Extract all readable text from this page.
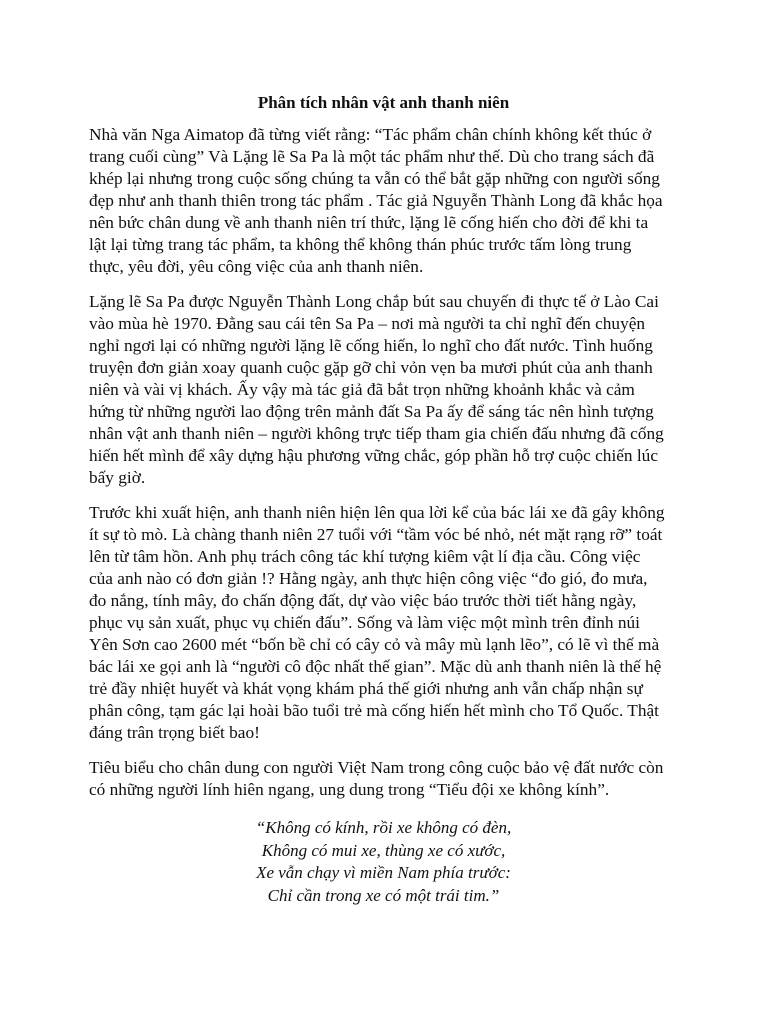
Phân tích nhân vật anh thanh niên
Nhà văn Nga Aimatop đã từng viết rằng: “Tác phẩm chân chính không kết thúc ở
trang cuối cùng” Và Lặng lẽ Sa Pa là một tác phẩm như thế. Dù cho trang sách đã
khép lại nhưng trong cuộc sống chúng ta vẫn có thể bắt gặp những con người sống
đẹp như anh thanh thiên trong tác phẩm . Tác giả Nguyễn Thành Long đã khắc họa
nên bức chân dung về anh thanh niên trí thức, lặng lẽ cống hiến cho đời để khi ta
lật lại từng trang tác phẩm, ta không thể không thán phúc trước tấm lòng trung
thực, yêu đời, yêu công việc của anh thanh niên.
Lặng lẽ Sa Pa được Nguyễn Thành Long chắp bút sau chuyến đi thực tế ở Lào Cai
vào mùa hè 1970. Đằng sau cái tên Sa Pa – nơi mà người ta chỉ nghĩ đến chuyện
nghỉ ngơi lại có những người lặng lẽ cống hiến, lo nghĩ cho đất nước. Tình huống
truyện đơn giản xoay quanh cuộc gặp gỡ chỉ vỏn vẹn ba mươi phút của anh thanh
niên và vài vị khách. Ấy vậy mà tác giả đã bắt trọn những khoảnh khắc và cảm
hứng từ những người lao động trên mảnh đất Sa Pa ấy để sáng tác nên hình tượng
nhân vật anh thanh niên – người không trực tiếp tham gia chiến đấu nhưng đã cống
hiến hết mình để xây dựng hậu phương vững chắc, góp phần hỗ trợ cuộc chiến lúc
bấy giờ.
Trước khi xuất hiện, anh thanh niên hiện lên qua lời kể của bác lái xe đã gây không
ít sự tò mò. Là chàng thanh niên 27 tuổi với “tầm vóc bé nhỏ, nét mặt rạng rỡ” toát
lên từ tâm hồn. Anh phụ trách công tác khí tượng kiêm vật lí địa cầu. Công việc
của anh nào có đơn giản !? Hằng ngày, anh thực hiện công việc “đo gió, đo mưa,
đo nắng, tính mây, đo chấn động đất, dự vào việc báo trước thời tiết hằng ngày,
phục vụ sản xuất, phục vụ chiến đấu”. Sống và làm việc một mình trên đỉnh núi
Yên Sơn cao 2600 mét “bốn bề chỉ có cây cỏ và mây mù lạnh lẽo”, có lẽ vì thế mà
bác lái xe gọi anh là “người cô độc nhất thế gian”. Mặc dù anh thanh niên là thế hệ
trẻ đầy nhiệt huyết và khát vọng khám phá thế giới nhưng anh vẫn chấp nhận sự
phân công, tạm gác lại hoài bão tuổi trẻ mà cống hiến hết mình cho Tổ Quốc. Thật
đáng trân trọng biết bao!
Tiêu biểu cho chân dung con người Việt Nam trong công cuộc bảo vệ đất nước còn
có những người lính hiên ngang, ung dung trong “Tiểu đội xe không kính”.
“Không có kính, rồi xe không có đèn,
Không có mui xe, thùng xe có xước,
Xe vẫn chạy vì miền Nam phía trước:
Chỉ cần trong xe có một trái tim.”
